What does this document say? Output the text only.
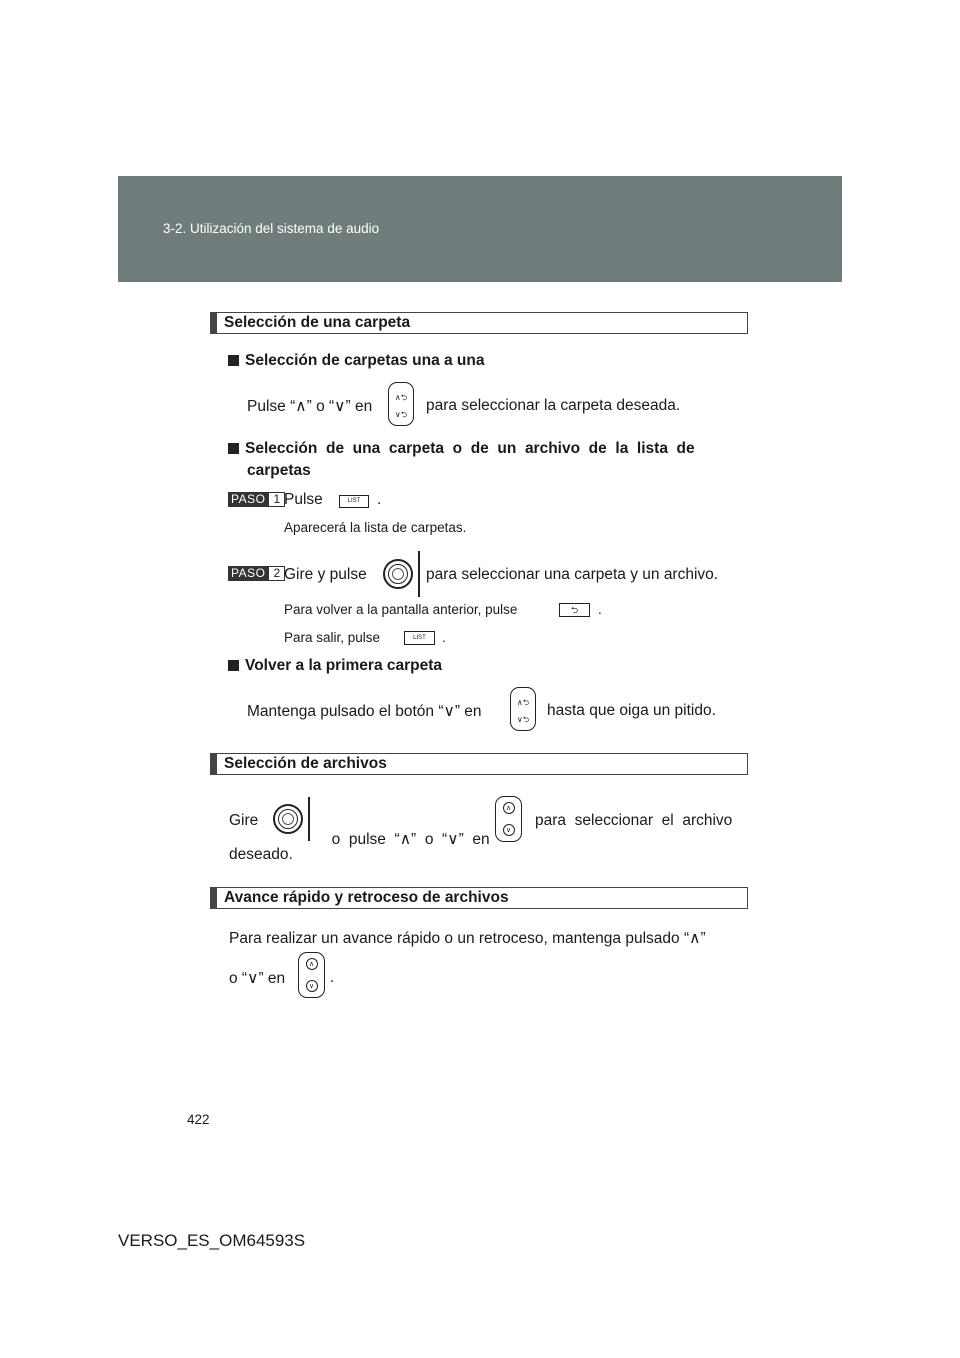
3-2. Utilización del sistema de audio
Selección de una carpeta
Selección de carpetas una a una
Pulse “∧” o “∨” en
∧⮌
∨⮌
para seleccionar la carpeta deseada.
Selección  de  una  carpeta  o  de  un  archivo  de  la  lista  de
carpetas
PASO 1 Pulse	LIST	.
Aparecerá la lista de carpetas.
PASO 2 Gire y pulse	para seleccionar una carpeta y un archivo.
Para volver a la pantalla anterior, pulse	⮌	.
Para salir, pulse	LIST	.
Volver a la primera carpeta
Mantenga pulsado el botón “∨” en
∧⮌
∨⮌
hasta que oiga un pitido.
Selección de archivos
Gire

o  pulse  “∧”  o  “∨”  en

∧
∨
para  seleccionar  el  archivo
deseado.
Avance rápido y retroceso de archivos
Para realizar un avance rápido o un retroceso, mantenga pulsado “∧”
o “∨” en
∧
∨
.
422
VERSO_ES_OM64593S
